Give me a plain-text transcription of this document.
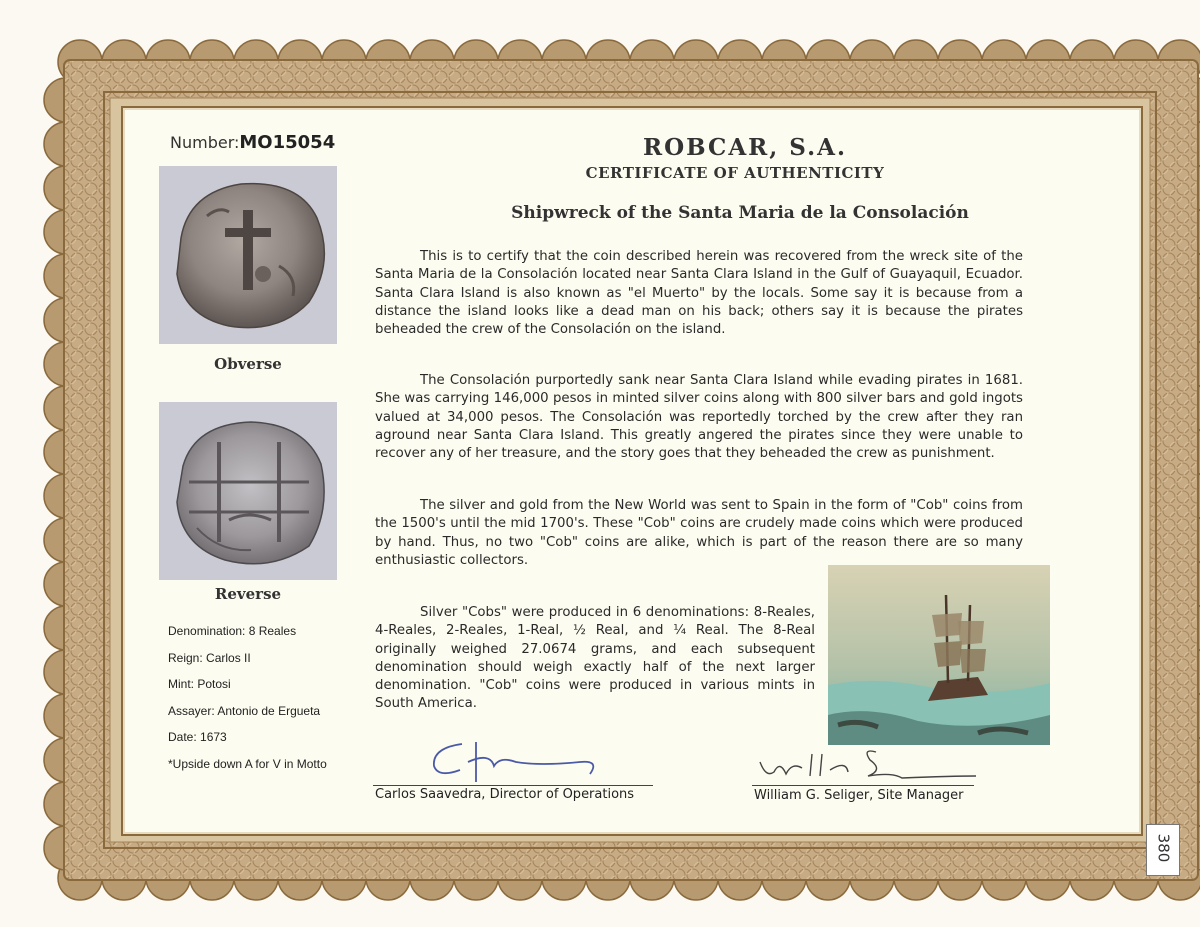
Number:MO15054
Obverse
Reverse
Denomination: 8 Reales
Reign: Carlos II
Mint: Potosi
Assayer: Antonio de Ergueta
Date: 1673
*Upside down A for V in Motto
ROBCAR, S.A.
CERTIFICATE OF AUTHENTICITY
Shipwreck of the Santa Maria de la Consolación
This is to certify that the coin described herein was recovered from the wreck site of the Santa Maria de la Consolación located near Santa Clara Island in the Gulf of Guayaquil, Ecuador. Santa Clara Island is also known as "el Muerto" by the locals. Some say it is because from a distance the island looks like a dead man on his back; others say it is because the pirates beheaded the crew of the Consolación on the island.
The Consolación purportedly sank near Santa Clara Island while evading pirates in 1681. She was carrying 146,000 pesos in minted silver coins along with 800 silver bars and gold ingots valued at 34,000 pesos. The Consolación was reportedly torched by the crew after they ran aground near Santa Clara Island. This greatly angered the pirates since they were unable to recover any of her treasure, and the story goes that they beheaded the crew as punishment.
The silver and gold from the New World was sent to Spain in the form of "Cob" coins from the 1500's until the mid 1700's. These "Cob" coins are crudely made coins which were produced by hand. Thus, no two "Cob" coins are alike, which is part of the reason there are so many enthusiastic collectors.
Silver "Cobs" were produced in 6 denominations: 8-Reales, 4-Reales, 2-Reales, 1-Real, ½ Real, and ¼ Real. The 8-Real originally weighed 27.0674 grams, and each subsequent denomination should weigh exactly half of the next larger denomination. "Cob" coins were produced in various mints in South America.
Carlos Saavedra, Director of Operations	William G. Seliger, Site Manager
380
